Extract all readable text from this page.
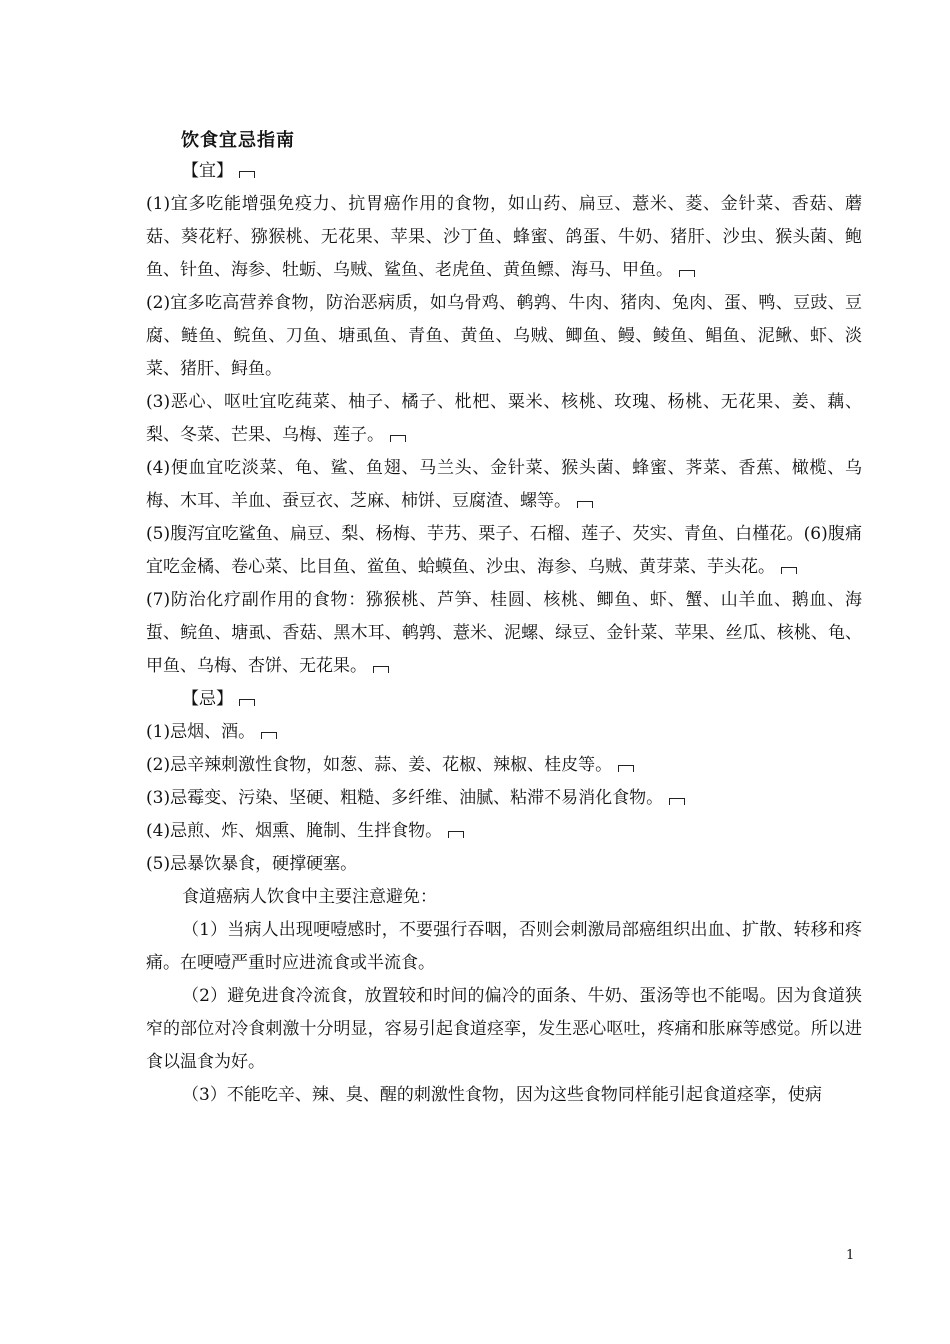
饮食宜忌指南

【宜】

(1)宜多吃能增强免疫力、抗胃癌作用的食物，如山药、扁豆、薏米、菱、金针菜、香菇、蘑菇、葵花籽、猕猴桃、无花果、苹果、沙丁鱼、蜂蜜、鸽蛋、牛奶、猪肝、沙虫、猴头菌、鲍鱼、针鱼、海参、牡蛎、乌贼、鲨鱼、老虎鱼、黄鱼鳔、海马、甲鱼。

(2)宜多吃高营养食物，防治恶病质，如乌骨鸡、鹌鹑、牛肉、猪肉、兔肉、蛋、鸭、豆豉、豆腐、鲢鱼、鲩鱼、刀鱼、塘虱鱼、青鱼、黄鱼、乌贼、鲫鱼、鳗、鲮鱼、鲳鱼、泥鳅、虾、淡菜、猪肝、鲟鱼。

(3)恶心、呕吐宜吃莼菜、柚子、橘子、枇杷、粟米、核桃、玫瑰、杨桃、无花果、姜、藕、梨、冬菜、芒果、乌梅、莲子。

(4)便血宜吃淡菜、龟、鲨、鱼翅、马兰头、金针菜、猴头菌、蜂蜜、荠菜、香蕉、橄榄、乌梅、木耳、羊血、蚕豆衣、芝麻、柿饼、豆腐渣、螺等。

(5)腹泻宜吃鲨鱼、扁豆、梨、杨梅、芋艿、栗子、石榴、莲子、芡实、青鱼、白槿花。(6)腹痛宜吃金橘、卷心菜、比目鱼、鲎鱼、蛤蟆鱼、沙虫、海参、乌贼、黄芽菜、芋头花。

(7)防治化疗副作用的食物：猕猴桃、芦笋、桂圆、核桃、鲫鱼、虾、蟹、山羊血、鹅血、海蜇、鲩鱼、塘虱、香菇、黑木耳、鹌鹑、薏米、泥螺、绿豆、金针菜、苹果、丝瓜、核桃、龟、甲鱼、乌梅、杏饼、无花果。

【忌】

(1)忌烟、酒。

(2)忌辛辣刺激性食物，如葱、蒜、姜、花椒、辣椒、桂皮等。

(3)忌霉变、污染、坚硬、粗糙、多纤维、油腻、粘滞不易消化食物。

(4)忌煎、炸、烟熏、腌制、生拌食物。

(5)忌暴饮暴食，硬撑硬塞。

食道癌病人饮食中主要注意避免：

（1）当病人出现哽噎感时，不要强行吞咽，否则会刺激局部癌组织出血、扩散、转移和疼痛。在哽噎严重时应进流食或半流食。

（2）避免进食冷流食，放置较和时间的偏冷的面条、牛奶、蛋汤等也不能喝。因为食道狭窄的部位对冷食刺激十分明显，容易引起食道痉挛，发生恶心呕吐，疼痛和胀麻等感觉。所以进食以温食为好。

（3）不能吃辛、辣、臭、醒的刺激性食物，因为这些食物同样能引起食道痉挛，使病

1
